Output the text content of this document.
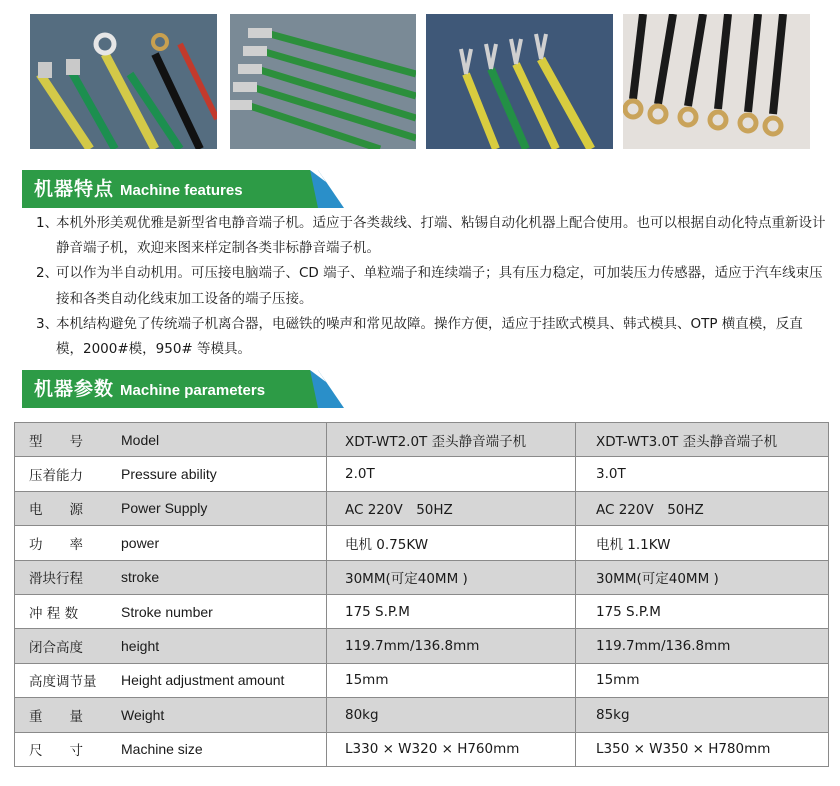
机器特点 Machine features
1、
本机外形美观优雅是新型省电静音端子机。适应于各类裁线、打端、粘锡自动化机器上配合使用。也可以根据自动化特点重新设计静音端子机，欢迎来图来样定制各类非标静音端子机。
2、
可以作为半自动机用。可压接电脑端子、CD 端子、单粒端子和连续端子；具有压力稳定，可加装压力传感器，适应于汽车线束压接和各类自动化线束加工设备的端子压接。
3、
本机结构避免了传统端子机离合器，电磁铁的噪声和常见故障。操作方便，适应于挂欧式模具、韩式模具、OTP 横直模，反直模，2000#模，950# 等模具。
机器参数 Machine parameters
型　　号 Model	XDT-WT2.0T 歪头静音端子机	XDT-WT3.0T 歪头静音端子机

压着能力 Pressure ability	2.0T	3.0T

电　　源 Power Supply	AC 220V　50HZ	AC 220V　50HZ

功　　率 power	电机 0.75KW	电机 1.1KW

滑块行程 stroke	30MM(可定40MM )	30MM(可定40MM )

冲 程 数 Stroke number	175 S.P.M	175 S.P.M

闭合高度 height	119.7mm/136.8mm	119.7mm/136.8mm

高度调节量 Height adjustment amount	15mm	15mm

重　　量 Weight	80kg	85kg

尺　　寸 Machine size	L330 × W320 × H760mm	L350 × W350 × H780mm
